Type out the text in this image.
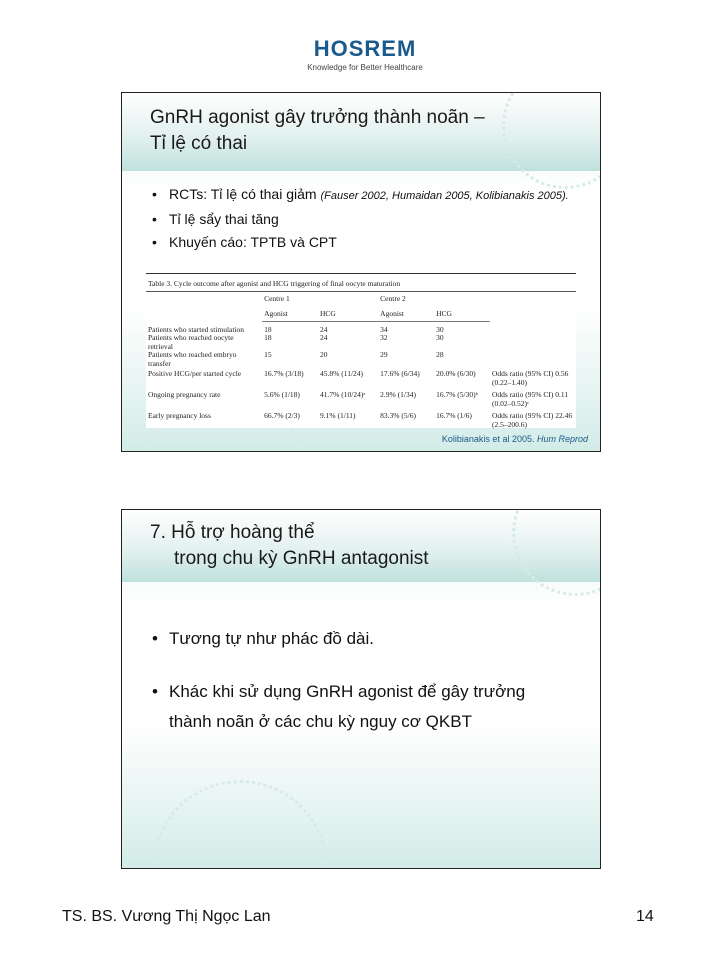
HOSREM
Knowledge for Better Healthcare
GnRH agonist gây trưởng thành noãn –
Tỉ lệ có thai
• RCTs: Tỉ lệ có thai giảm (Fauser 2002, Humaidan 2005, Kolibianakis 2005).
• Tỉ lệ sẩy thai tăng
• Khuyến cáo: TPTB và CPT
Table 3. Cycle outcome after agonist and HCG triggering of final oocyte maturation
	Centre 1		Centre 2		
	Agonist	HCG	Agonist	HCG	

Patients who started stimulation	18	24	34	30	
Patients who reached oocyte retrieval	18	24	32	30	
Patients who reached embryo transfer	15	20	29	28	
Positive HCG/per started cycle	16.7% (3/18)	45.8% (11/24)	17.6% (6/34)	20.0% (6/30)	Odds ratio (95% CI) 0.56 (0.22–1.40)
Ongoing pregnancy rate	5.6% (1/18)	41.7% (10/24)ᵃ	2.9% (1/34)	16.7% (5/30)ᵇ	Odds ratio (95% CI) 0.11 (0.02–0.52)ᶜ
Early pregnancy loss	66.7% (2/3)	9.1% (1/11)	83.3% (5/6)	16.7% (1/6)	Odds ratio (95% CI) 22.46 (2.5–200.6)
Kolibianakis et al 2005. Hum Reprod
7. Hỗ trợ hoàng thể
trong chu kỳ GnRH antagonist
• Tương tự như phác đồ dài.
• Khác khi sử dụng GnRH agonist để gây trưởng
thành noãn ở các chu kỳ nguy cơ QKBT
TS. BS. Vương Thị Ngọc Lan	14
